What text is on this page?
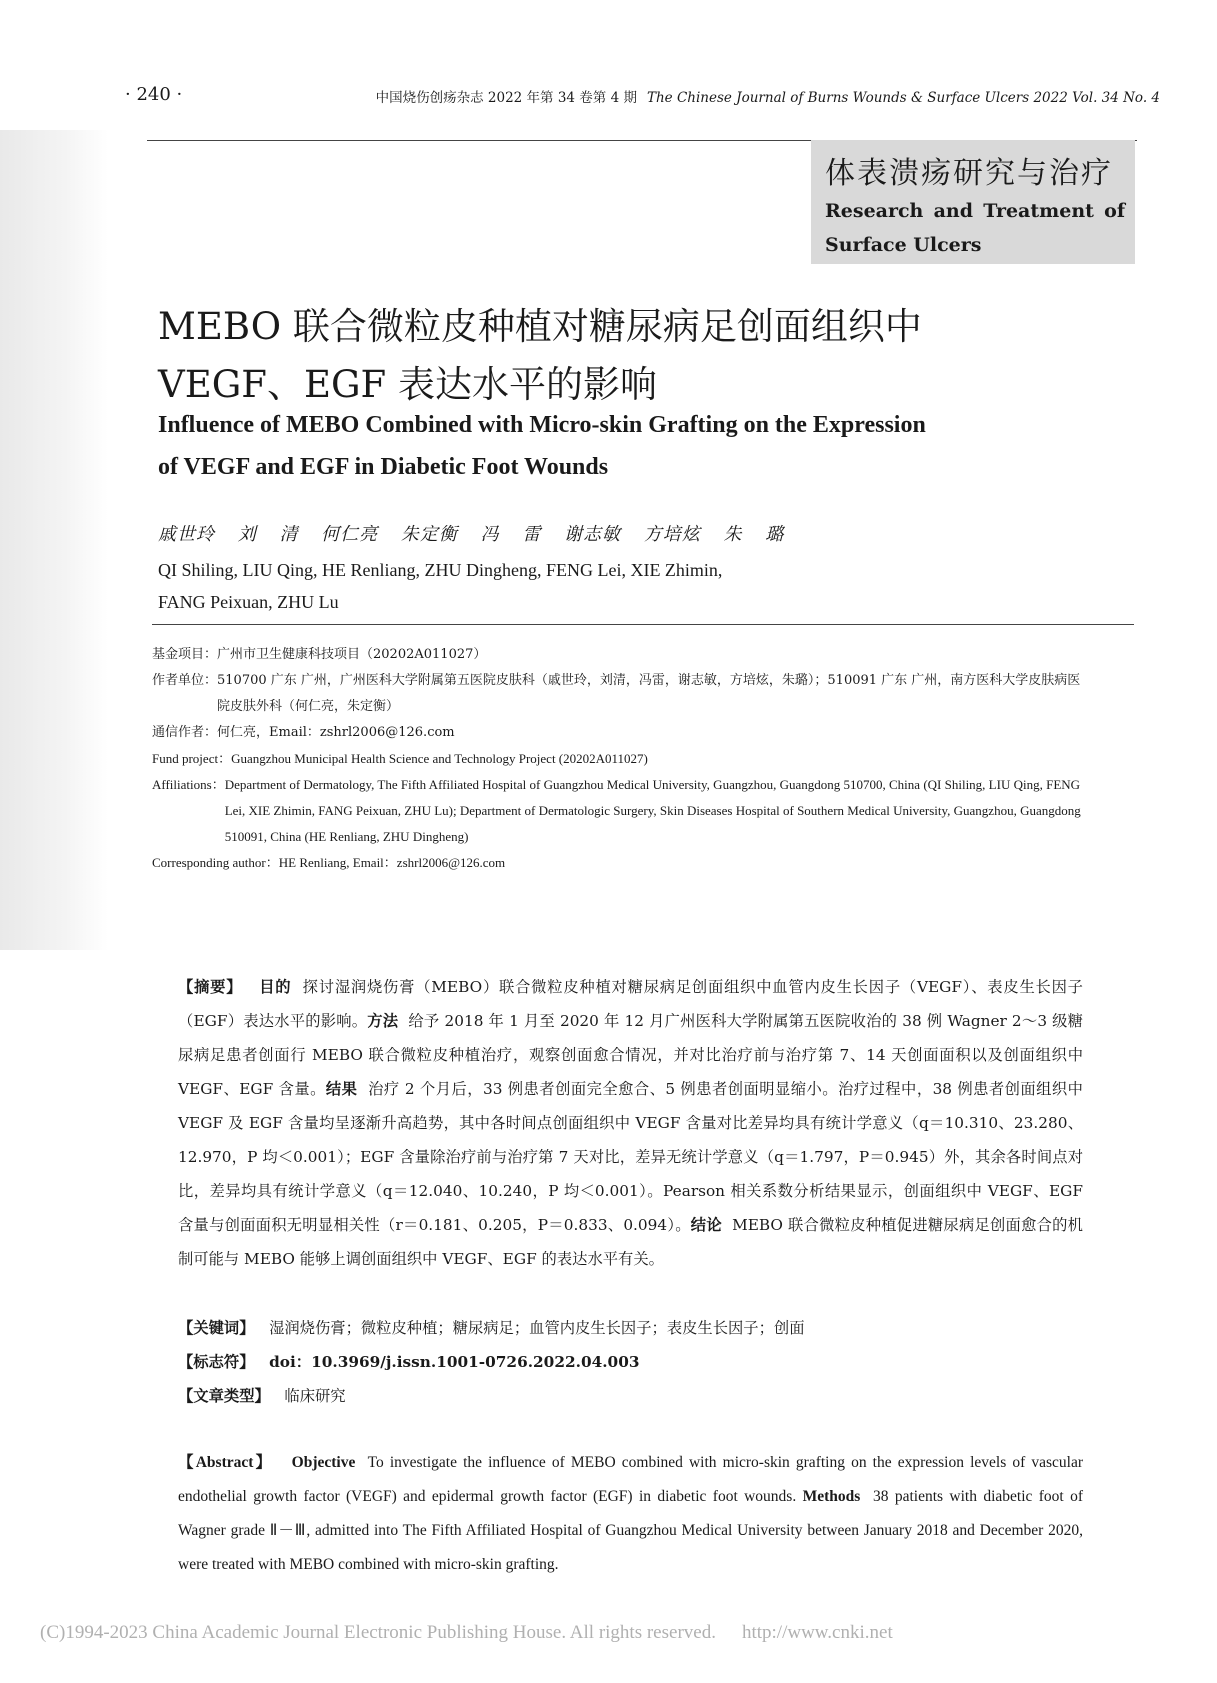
· 240 ·	中国烧伤创疡杂志 2022 年第 34 卷第 4 期 The Chinese Journal of Burns Wounds & Surface Ulcers 2022 Vol. 34 No. 4
体表溃疡研究与治疗
Research and Treatment of Surface Ulcers
MEBO 联合微粒皮种植对糖尿病足创面组织中
VEGF、EGF 表达水平的影响
Influence of MEBO Combined with Micro-skin Grafting on the Expression
of VEGF and EGF in Diabetic Foot Wounds
戚世玲 刘 清 何仁亮 朱定衡 冯 雷 谢志敏 方培炫 朱 璐
QI Shiling, LIU Qing, HE Renliang, ZHU Dingheng, FENG Lei, XIE Zhimin,
FANG Peixuan, ZHU Lu
基金项目： 广州市卫生健康科技项目（20202A011027）
作者单位： 510700 广东 广州，广州医科大学附属第五医院皮肤科（戚世玲，刘清，冯雷，谢志敏，方培炫，朱璐）；510091 广东 广州，南方医科大学皮肤病医院皮肤外科（何仁亮，朱定衡）
通信作者： 何仁亮，Email：zshrl2006@126.com
Fund project： Guangzhou Municipal Health Science and Technology Project (20202A011027)
Affiliations： Department of Dermatology, The Fifth Affiliated Hospital of Guangzhou Medical University, Guangzhou, Guangdong 510700, China (QI Shiling, LIU Qing, FENG Lei, XIE Zhimin, FANG Peixuan, ZHU Lu); Department of Dermatologic Surgery, Skin Diseases Hospital of Southern Medical University, Guangzhou, Guangdong 510091, China (HE Renliang, ZHU Dingheng)
Corresponding author： HE Renliang, Email：zshrl2006@126.com
【摘要】 目的 探讨湿润烧伤膏（MEBO）联合微粒皮种植对糖尿病足创面组织中血管内皮生长因子（VEGF）、表皮生长因子（EGF）表达水平的影响。方法 给予 2018 年 1 月至 2020 年 12 月广州医科大学附属第五医院收治的 38 例 Wagner 2～3 级糖尿病足患者创面行 MEBO 联合微粒皮种植治疗，观察创面愈合情况，并对比治疗前与治疗第 7、14 天创面面积以及创面组织中 VEGF、EGF 含量。结果 治疗 2 个月后，33 例患者创面完全愈合、5 例患者创面明显缩小。治疗过程中，38 例患者创面组织中 VEGF 及 EGF 含量均呈逐渐升高趋势，其中各时间点创面组织中 VEGF 含量对比差异均具有统计学意义（q＝10.310、23.280、12.970，P 均＜0.001）；EGF 含量除治疗前与治疗第 7 天对比，差异无统计学意义（q＝1.797，P＝0.945）外，其余各时间点对比，差异均具有统计学意义（q＝12.040、10.240，P 均＜0.001）。Pearson 相关系数分析结果显示，创面组织中 VEGF、EGF 含量与创面面积无明显相关性（r＝0.181、0.205，P＝0.833、0.094）。结论 MEBO 联合微粒皮种植促进糖尿病足创面愈合的机制可能与 MEBO 能够上调创面组织中 VEGF、EGF 的表达水平有关。
【关键词】 湿润烧伤膏；微粒皮种植；糖尿病足；血管内皮生长因子；表皮生长因子；创面
【标志符】 doi：10.3969/j.issn.1001-0726.2022.04.003
【文章类型】 临床研究
【Abstract】 Objective To investigate the influence of MEBO combined with micro-skin grafting on the expression levels of vascular endothelial growth factor (VEGF) and epidermal growth factor (EGF) in diabetic foot wounds. Methods 38 patients with diabetic foot of Wagner grade Ⅱ－Ⅲ, admitted into The Fifth Affiliated Hospital of Guangzhou Medical University between January 2018 and December 2020, were treated with MEBO combined with micro-skin grafting.
(C)1994-2023 China Academic Journal Electronic Publishing House. All rights reserved. http://www.cnki.net
